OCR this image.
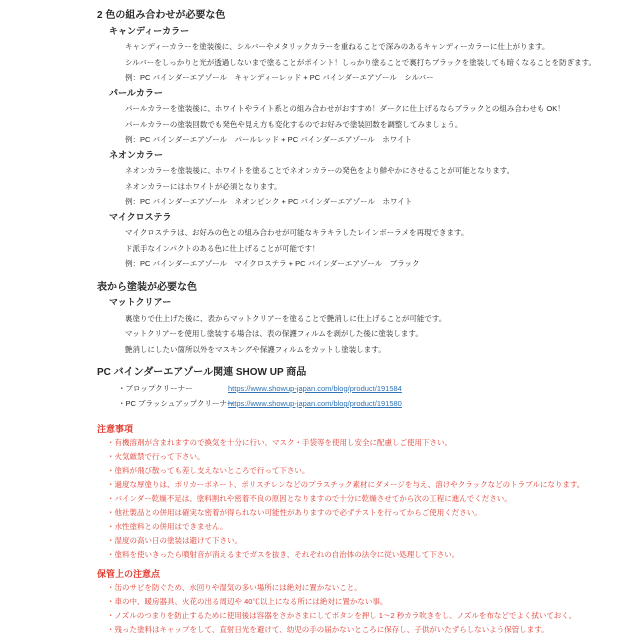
2 色の組み合わせが必要な色

キャンディーカラー

キャンディーカラーを塗装後に、シルバーやメタリックカラーを重ねることで深みのあるキャンディーカラーに仕上がります。

シルバーをしっかりと光が透過しないまで塗ることがポイント！しっかり塗ることで裏打ちブラックを塗装しても暗くなることを防ぎます。

例：PC バインダーエアゾール　キャンディーレッド + PC バインダーエアゾール　シルバー

パールカラー

パールカラーを塗装後に、ホワイトやライト系との組み合わせがおすすめ！ダークに仕上げるならブラックとの組み合わせも OK！

パールカラーの塗装回数でも発色や見え方も変化するのでお好みで塗装回数を調整してみましょう。

例：PC バインダーエアゾール　パールレッド + PC バインダーエアゾール　ホワイト

ネオンカラー

ネオンカラーを塗装後に、ホワイトを塗ることでネオンカラーの発色をより鮮やかにさせることが可能となります。

ネオンカラーにはホワイトが必須となります。

例：PC バインダーエアゾール　ネオンピンク + PC バインダーエアゾール　ホワイト

マイクロステラ

マイクロステラは、お好みの色との組み合わせが可能なキラキラしたレインボーラメを再現できます。

ド派手なインパクトのある色に仕上げることが可能です！

例：PC バインダーエアゾール　マイクロステラ + PC バインダーエアゾール　ブラック

表から塗装が必要な色

マットクリアー

裏塗りで仕上げた後に、表からマットクリアーを塗ることで艶消しに仕上げることが可能です。

マットクリアーを使用し塗装する場合は、表の保護フィルムを剥がした後に塗装します。

艶消しにしたい箇所以外をマスキングや保護フィルムをカットし塗装します。

PC バインダーエアゾール関連 SHOW UP 商品

・ブロップクリーナー	https://www.showup-japan.com/blog/product/191584
・PC ブラッシュアップクリーナー
https://www.showup-japan.com/blog/product/191580

注意事項

・有機溶剤が含まれますので換気を十分に行い、マスク・手袋等を使用し安全に配慮しご使用下さい。

・火気厳禁で行って下さい。

・塗料が飛び散っても差し支えないところで行って下さい。

・過度な厚塗りは、ポリカーボネート、ポリスチレンなどのプラスチック素材にダメージを与え、溶けやクラックなどのトラブルになります。

・バインダー乾燥不足は、塗料割れや密着不良の原因となりますので十分に乾燥させてから次の工程に進んでください。

・他社製品との併用は確実な密着が得られない可能性がありますので必ずテストを行ってからご使用ください。

・水性塗料との併用はできません。

・湿度の高い日の塗装は避けて下さい。

・塗料を使いきったら噴射音が消えるまでガスを抜き、それぞれの自治体の法令に従い処理して下さい。

保管上の注意点

・缶のサビを防ぐため、水回りや湿気の多い場所には絶対に置かないこと。

・車の中、暖房器具、火花の出る周辺や 40℃以上になる所には絶対に置かない事。

・ノズルのつまりを防止するために使用後は容器をさかさまにしてボタンを押し 1～2 秒カラ吹きをし、ノズルを布などでよく拭いておく。

・残った塗料はキャップをして、直射日光を避けて、幼児の手の届かないところに保存し、子供がいたずらしないよう保管します。
